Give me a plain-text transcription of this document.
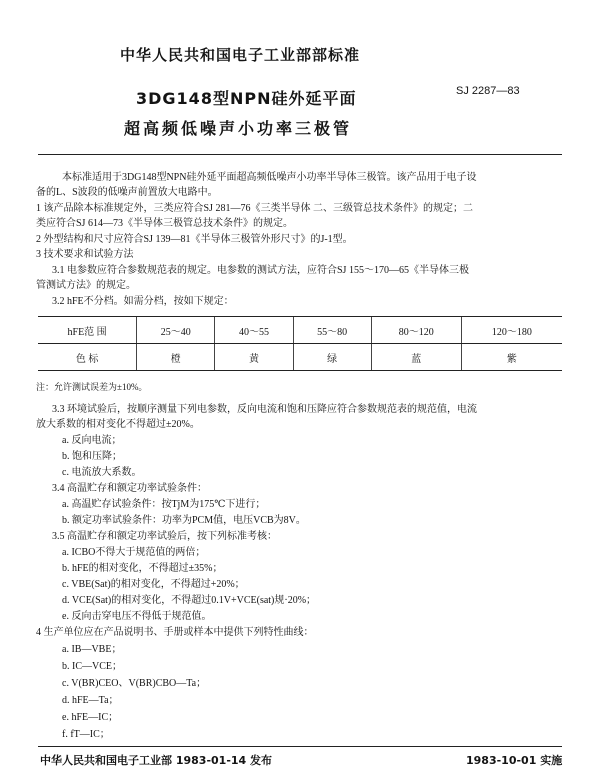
中华人民共和国电子工业部部标准
3DG148型NPN硅外延平面	SJ 2287—83
超高频低噪声小功率三极管
本标准适用于3DG148型NPN硅外延平面超高频低噪声小功率半导体三极管。该产品用于电子设
备的L、S波段的低噪声前置放大电路中。
1 该产品除本标准规定外，三类应符合SJ 281—76《三类半导体 二、三级管总技术条件》的规定；二
类应符合SJ 614—73《半导体三极管总技术条件》的规定。
2 外型结构和尺寸应符合SJ 139—81《半导体三极管外形尺寸》的J-1型。
3 技术要求和试验方法
3.1 电参数应符合参数规范表的规定。电参数的测试方法，应符合SJ 155～170—65《半导体三极
管测试方法》的规定。
3.2 hFE不分档。如需分档，按如下规定：
hFE范 围	25～40	40～55	55～80	80～120	120～180
色 标	橙	黄	绿	蓝	紫
注：允许测试误差为±10%。
3.3 环境试验后，按顺序测量下列电参数，反向电流和饱和压降应符合参数规范表的规范值，电流
放大系数的相对变化不得超过±20%。
a. 反向电流；
b. 饱和压降；
c. 电流放大系数。
3.4 高温贮存和额定功率试验条件：
a. 高温贮存试验条件：按TjM为175℃下进行；
b. 额定功率试验条件：功率为PCM值，电压VCB为8V。
3.5 高温贮存和额定功率试验后，按下列标准考核：
a. ICBO不得大于规范值的两倍；
b. hFE的相对变化，不得超过±35%；
c. VBE(Sat)的相对变化，不得超过+20%；
d. VCE(Sat)的相对变化，不得超过0.1V+VCE(sat)规·20%；
e. 反向击穿电压不得低于规范值。
4 生产单位应在产品说明书、手册或样本中提供下列特性曲线：
a. IB—VBE；
b. IC—VCE；
c. V(BR)CEO、V(BR)CBO—Ta；
d. hFE—Ta；
e. hFE—IC；
f. fT—IC；
中华人民共和国电子工业部 1983-01-14 发布	1983-10-01 实施
